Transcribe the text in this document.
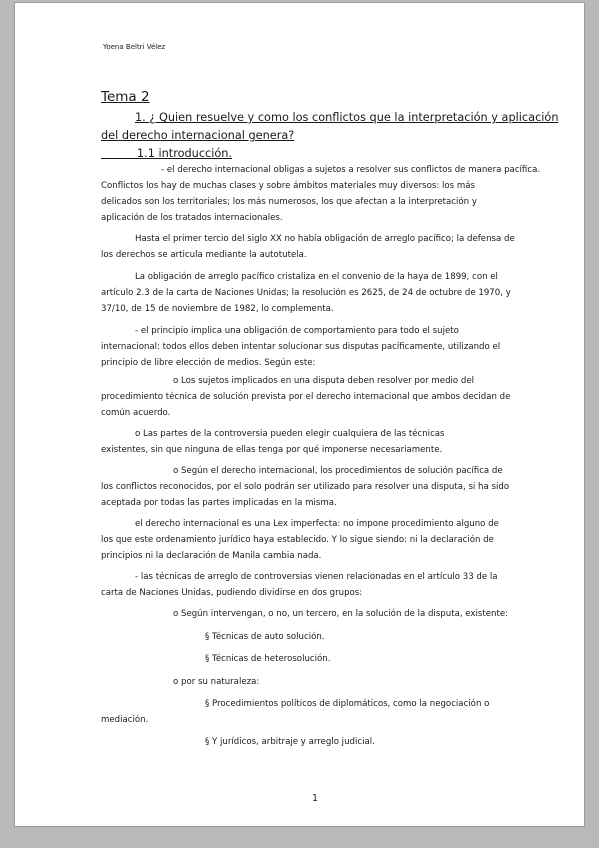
Yoena Beltri Vélez
Tema 2
1. ¿ Quien resuelve y como los conflictos que la interpretación y aplicación
del derecho internacional genera?
1.1 introducción.
- el derecho internacional obligas a sujetos a resolver sus conflictos de manera pacífica.
Conflictos los hay de muchas clases y sobre ámbitos materiales muy diversos: los más
delicados son los territoriales; los más numerosos, los que afectan a la interpretación y
aplicación de los tratados internacionales.
Hasta el primer tercio del siglo XX no había obligación de arreglo pacífico; la defensa de
los derechos se articula mediante la autotutela.
La obligación de arreglo pacífico cristaliza en el convenio de la haya de 1899, con el
artículo 2.3 de la carta de Naciones Unidas; la resolución es 2625, de 24 de octubre de 1970, y
37/10, de 15 de noviembre de 1982, lo complementa.
- el principio implica una obligación de comportamiento para todo el sujeto
internacional: todos ellos deben intentar solucionar sus disputas pacíficamente, utilizando el
principio de libre elección de medios. Según este:
o Los sujetos implicados en una disputa deben resolver por medio del
procedimiento técnica de solución prevista por el derecho internacional que ambos decidan de
común acuerdo.
o Las partes de la controversia pueden elegir cualquiera de las técnicas
existentes, sin que ninguna de ellas tenga por qué imponerse necesariamente.
o Según el derecho internacional, los procedimientos de solución pacífica de
los conflictos reconocidos, por el solo podrán ser utilizado para resolver una disputa, si ha sido
aceptada por todas las partes implicadas en la misma.
el derecho internacional es una Lex imperfecta: no impone procedimiento alguno de
los que este ordenamiento jurídico haya establecido. Y lo sigue siendo: ni la declaración de
principios ni la declaración de Manila cambia nada.
- las técnicas de arreglo de controversias vienen relacionadas en el artículo 33 de la
carta de Naciones Unidas, pudiendo dividirse en dos grupos:
o Según intervengan, o no, un tercero, en la solución de la disputa, existente:
§ Técnicas de auto solución.
§ Técnicas de heterosolución.
o por su naturaleza:
§ Procedimientos políticos de diplomáticos, como la negociación o
mediación.
§ Y jurídicos, arbitraje y arreglo judicial.
1
